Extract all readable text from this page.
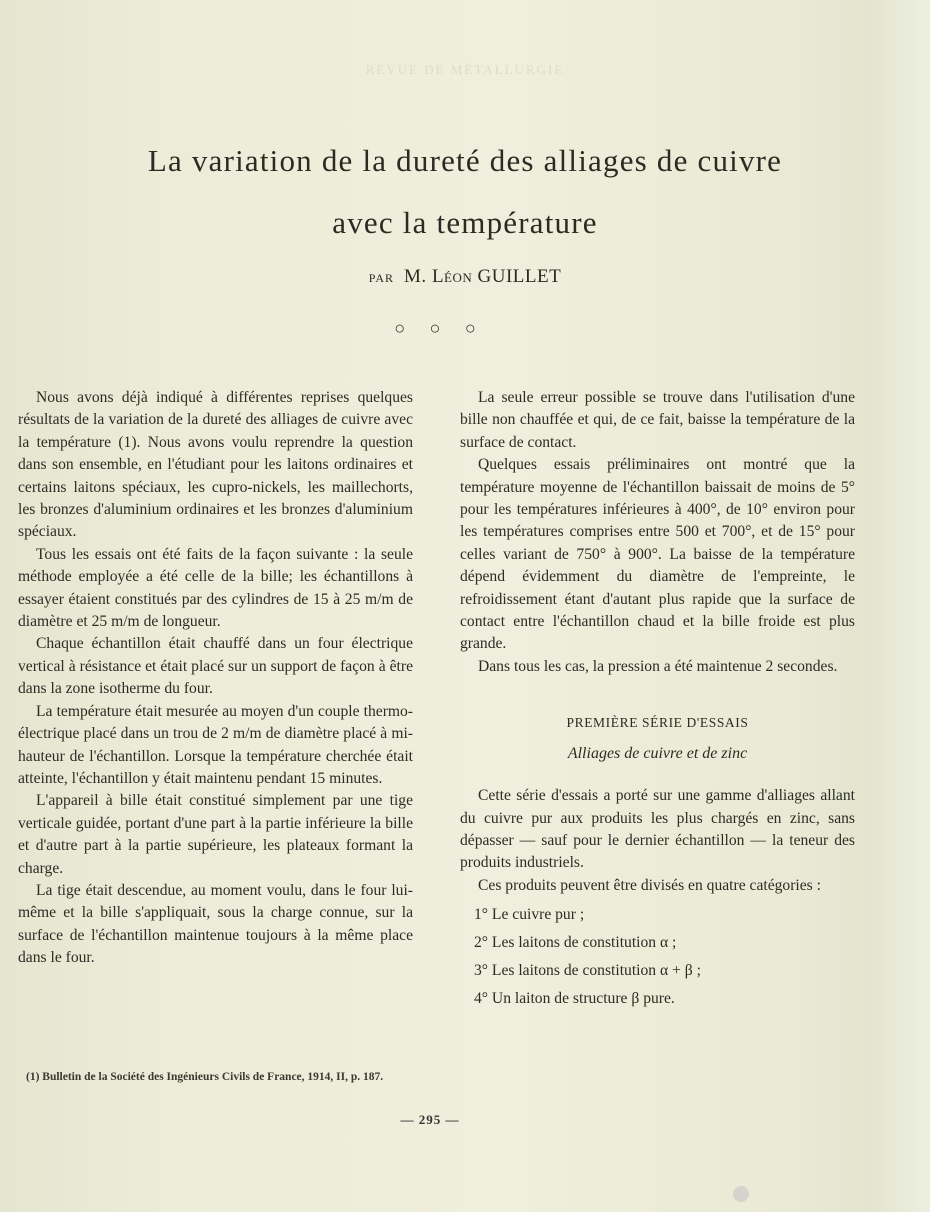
REVUE DE MÉTALLURGIE
La variation de la dureté des alliages de cuivre
avec la température
PAR M. Léon GUILLET
○ ○ ○

Nous avons déjà indiqué à différentes reprises quelques résultats de la variation de la dureté des alliages de cuivre avec la température (1). Nous avons voulu reprendre la question dans son ensemble, en l'étudiant pour les laitons ordinaires et certains laitons spéciaux, les cupro-nickels, les maillechorts, les bronzes d'aluminium ordinaires et les bronzes d'aluminium spéciaux.

Tous les essais ont été faits de la façon suivante : la seule méthode employée a été celle de la bille; les échantillons à essayer étaient constitués par des cylindres de 15 à 25 m/m de diamètre et 25 m/m de longueur.

Chaque échantillon était chauffé dans un four électrique vertical à résistance et était placé sur un support de façon à être dans la zone isotherme du four.

La température était mesurée au moyen d'un couple thermo-électrique placé dans un trou de 2 m/m de diamètre placé à mi-hauteur de l'échantillon. Lorsque la température cherchée était atteinte, l'échantillon y était maintenu pendant 15 minutes.

L'appareil à bille était constitué simplement par une tige verticale guidée, portant d'une part à la partie inférieure la bille et d'autre part à la partie supérieure, les plateaux formant la charge.

La tige était descendue, au moment voulu, dans le four lui-même et la bille s'appliquait, sous la charge connue, sur la surface de l'échantillon maintenue toujours à la même place dans le four.

(1) Bulletin de la Société des Ingénieurs Civils de France, 1914, II, p. 187.

La seule erreur possible se trouve dans l'utilisation d'une bille non chauffée et qui, de ce fait, baisse la température de la surface de contact.

Quelques essais préliminaires ont montré que la température moyenne de l'échantillon baissait de moins de 5° pour les températures inférieures à 400°, de 10° environ pour les températures comprises entre 500 et 700°, et de 15° pour celles variant de 750° à 900°. La baisse de la température dépend évidemment du diamètre de l'empreinte, le refroidissement étant d'autant plus rapide que la surface de contact entre l'échantillon chaud et la bille froide est plus grande.

Dans tous les cas, la pression a été maintenue 2 secondes.

PREMIÈRE SÉRIE D'ESSAIS
Alliages de cuivre et de zinc

Cette série d'essais a porté sur une gamme d'alliages allant du cuivre pur aux produits les plus chargés en zinc, sans dépasser — sauf pour le dernier échantillon — la teneur des produits industriels.

Ces produits peuvent être divisés en quatre catégories :

1° Le cuivre pur ;
2° Les laitons de constitution α ;
3° Les laitons de constitution α + β ;
4° Un laiton de structure β pure.
— 295 —
